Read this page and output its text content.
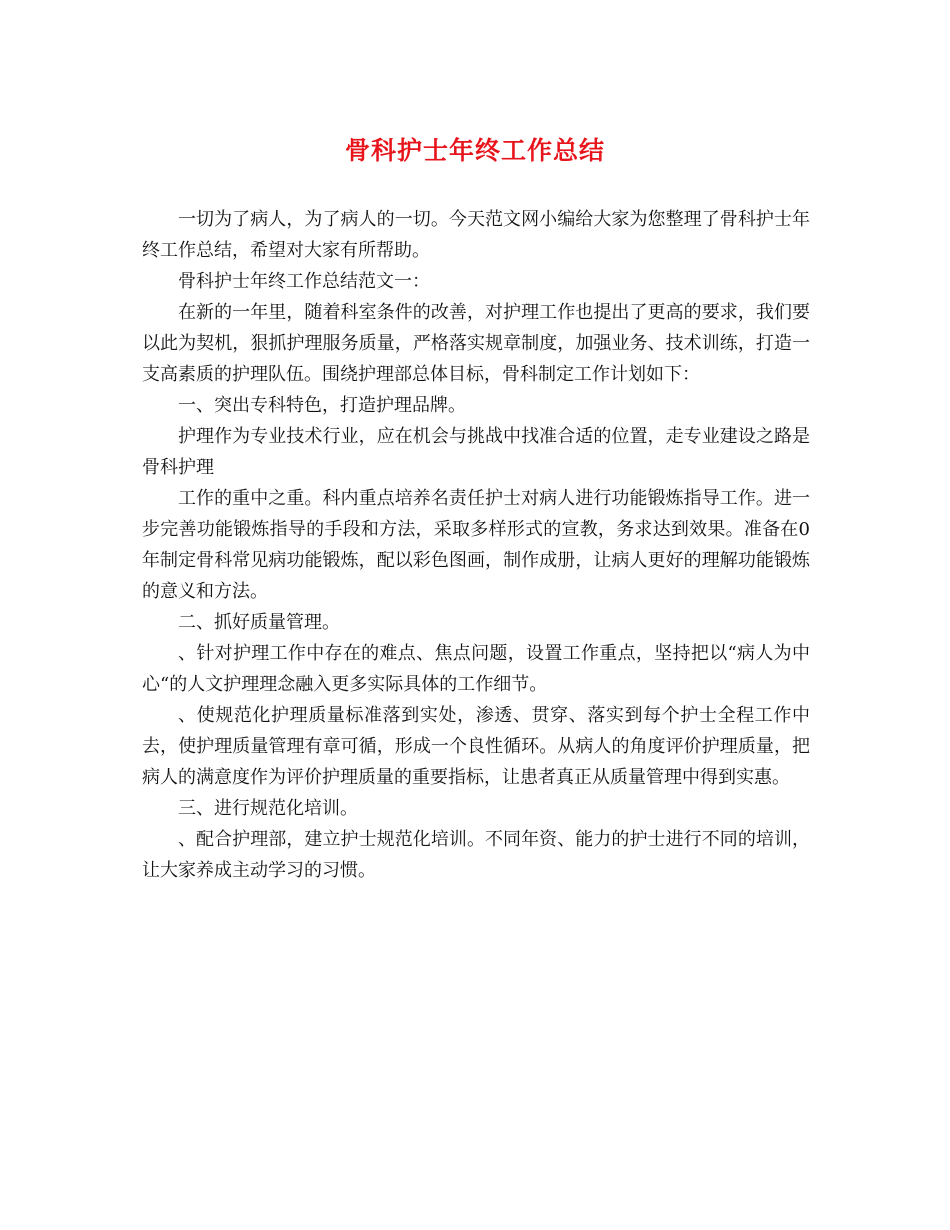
骨科护士年终工作总结

一切为了病人，为了病人的一切。今天范文网小编给大家为您整理了骨科护士年终工作总结，希望对大家有所帮助。

骨科护士年终工作总结范文一：

在新的一年里，随着科室条件的改善，对护理工作也提出了更高的要求，我们要以此为契机，狠抓护理服务质量，严格落实规章制度，加强业务、技术训练，打造一支高素质的护理队伍。围绕护理部总体目标，骨科制定工作计划如下：

一、突出专科特色，打造护理品牌。

护理作为专业技术行业，应在机会与挑战中找准合适的位置，走专业建设之路是骨科护理

工作的重中之重。科内重点培养名责任护士对病人进行功能锻炼指导工作。进一步完善功能锻炼指导的手段和方法，采取多样形式的宣教，务求达到效果。准备在0年制定骨科常见病功能锻炼，配以彩色图画，制作成册，让病人更好的理解功能锻炼的意义和方法。

二、抓好质量管理。

、针对护理工作中存在的难点、焦点问题，设置工作重点，坚持把以“病人为中心“的人文护理理念融入更多实际具体的工作细节。

、使规范化护理质量标准落到实处，渗透、贯穿、落实到每个护士全程工作中去，使护理质量管理有章可循，形成一个良性循环。从病人的角度评价护理质量，把病人的满意度作为评价护理质量的重要指标，让患者真正从质量管理中得到实惠。

三、进行规范化培训。

、配合护理部，建立护士规范化培训。不同年资、能力的护士进行不同的培训，让大家养成主动学习的习惯。
